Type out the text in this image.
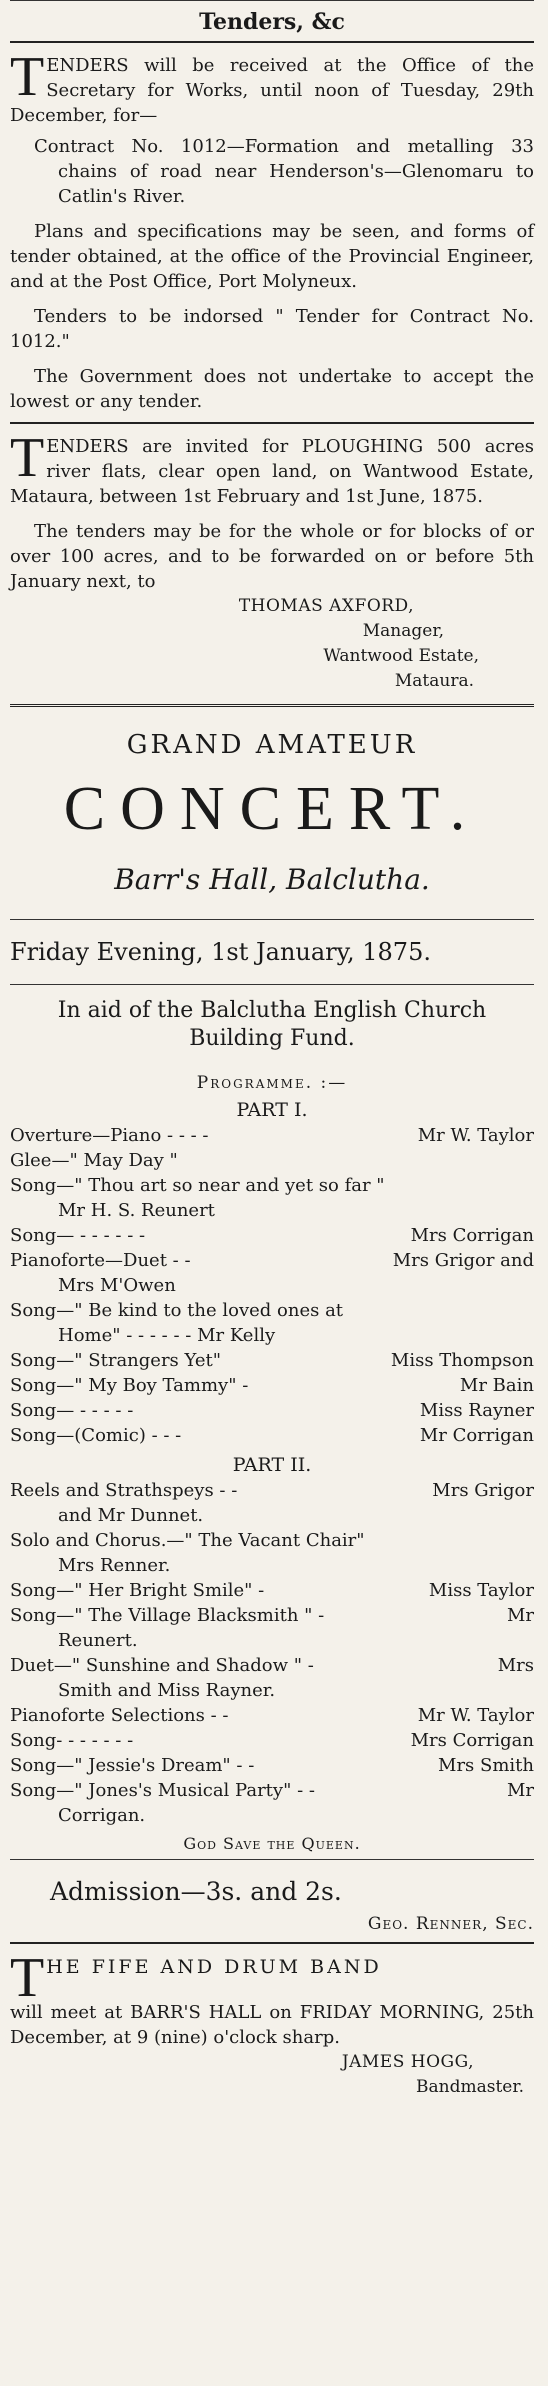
Tenders, &c

TENDERS will be received at the Office of the Secretary for Works, until noon of Tuesday, 29th December, for—

Contract No. 1012—Formation and metalling 33 chains of road near Henderson's—Glenomaru to Catlin's River.

Plans and specifications may be seen, and forms of tender obtained, at the office of the Provincial Engineer, and at the Post Office, Port Molyneux.

Tenders to be indorsed " Tender for Contract No. 1012."

The Government does not undertake to accept the lowest or any tender.

TENDERS are invited for PLOUGHING 500 acres river flats, clear open land, on Wantwood Estate, Mataura, between 1st February and 1st June, 1875.

The tenders may be for the whole or for blocks of or over 100 acres, and to be forwarded on or before 5th January next, to

THOMAS AXFORD,
Manager,
Wantwood Estate,
Mataura.
GRAND AMATEUR
CONCERT.
Barr's Hall, Balclutha.
Friday Evening, 1st January, 1875.
In aid of the Balclutha English Church Building Fund.
Programme. :—
PART I.
Overture—Piano - - - -	Mr W. Taylor
Glee—" May Day "
Song—" Thou art so near and yet so far "
Mr H. S. Reunert
Song— - - - - - -	Mrs Corrigan
Pianoforte—Duet - -	Mrs Grigor and
Mrs M'Owen
Song—" Be kind to the loved ones at
Home" - - - - - - Mr Kelly
Song—" Strangers Yet"	Miss Thompson
Song—" My Boy Tammy" -	Mr Bain
Song— - - - - -	Miss Rayner
Song—(Comic) - - -	Mr Corrigan
PART II.
Reels and Strathspeys - -	Mrs Grigor
and Mr Dunnet.
Solo and Chorus.—" The Vacant Chair"
Mrs Renner.
Song—" Her Bright Smile" -	Miss Taylor
Song—" The Village Blacksmith " -	Mr
Reunert.
Duet—" Sunshine and Shadow " -	Mrs
Smith and Miss Rayner.
Pianoforte Selections - -	Mr W. Taylor
Song- - - - - - -	Mrs Corrigan
Song—" Jessie's Dream" - -	Mrs Smith
Song—" Jones's Musical Party" - -	Mr
Corrigan.
God Save the Queen.
Admission—3s. and 2s.
Geo. Renner, Sec.

THE FIFE AND DRUM BAND

will meet at BARR'S HALL on FRIDAY MORNING, 25th December, at 9 (nine) o'clock sharp.

JAMES HOGG,
Bandmaster.
